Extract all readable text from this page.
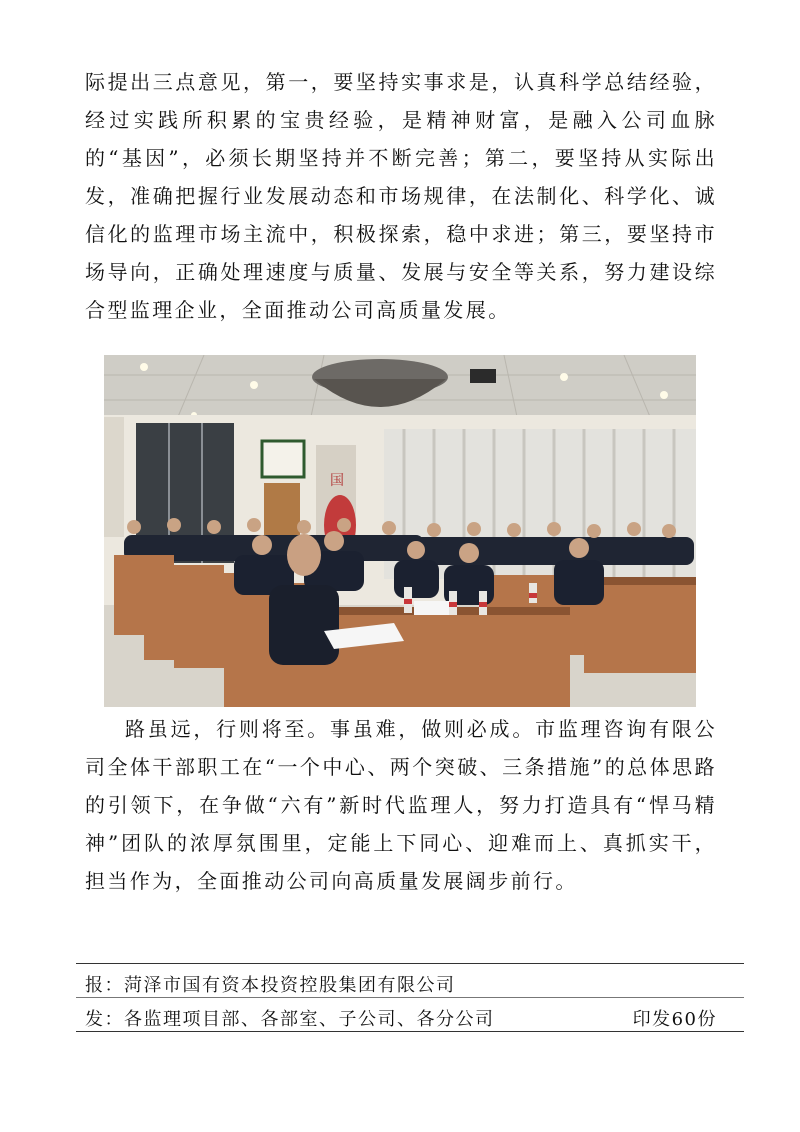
际提出三点意见，第一，要坚持实事求是，认真科学总结经验，经过实践所积累的宝贵经验，是精神财富，是融入公司血脉的“基因”，必须长期坚持并不断完善；第二，要坚持从实际出发，准确把握行业发展动态和市场规律，在法制化、科学化、诚信化的监理市场主流中，积极探索，稳中求进；第三，要坚持市场导向，正确处理速度与质量、发展与安全等关系，努力建设综合型监理企业，全面推动公司高质量发展。

国

路虽远，行则将至。事虽难，做则必成。市监理咨询有限公司全体干部职工在“一个中心、两个突破、三条措施”的总体思路的引领下，在争做“六有”新时代监理人，努力打造具有“悍马精神”团队的浓厚氛围里，定能上下同心、迎难而上、真抓实干，担当作为，全面推动公司向高质量发展阔步前行。

报：菏泽市国有资本投资控股集团有限公司
发：各监理项目部、各部室、子公司、各分公司	印发60份
